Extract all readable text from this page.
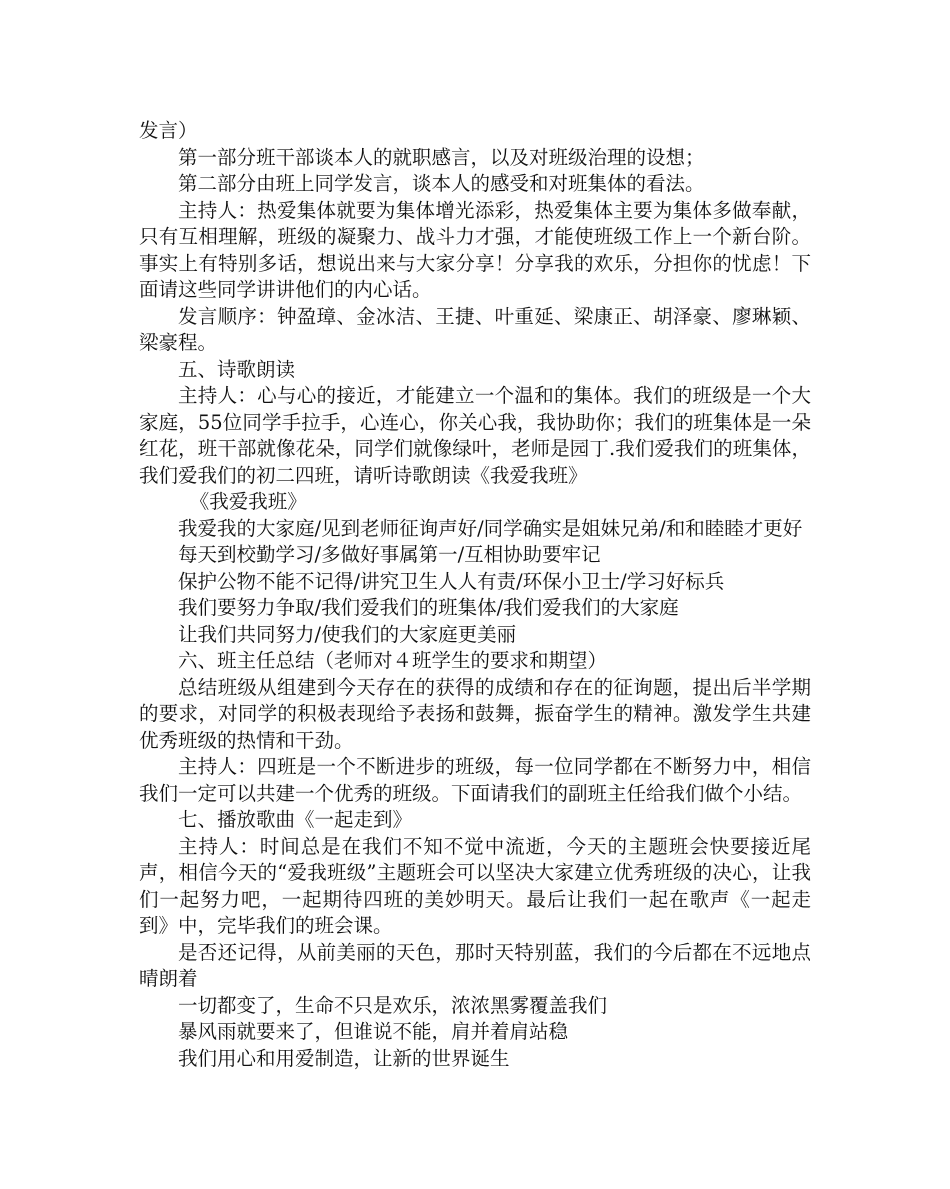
发言）

第一部分班干部谈本人的就职感言，以及对班级治理的设想；

第二部分由班上同学发言，谈本人的感受和对班集体的看法。

主持人：热爱集体就要为集体增光添彩，热爱集体主要为集体多做奉献，只有互相理解，班级的凝聚力、战斗力才强，才能使班级工作上一个新台阶。事实上有特别多话，想说出来与大家分享！分享我的欢乐，分担你的忧虑！下面请这些同学讲讲他们的内心话。

发言顺序：钟盈璋、金冰洁、王捷、叶重延、梁康正、胡泽豪、廖琳颖、梁豪程。

五、诗歌朗读

主持人：心与心的接近，才能建立一个温和的集体。我们的班级是一个大家庭，55位同学手拉手，心连心，你关心我，我协助你；我们的班集体是一朵红花，班干部就像花朵，同学们就像绿叶，老师是园丁.我们爱我们的班集体，我们爱我们的初二四班，请听诗歌朗读《我爱我班》

《我爱我班》

我爱我的大家庭/见到老师征询声好/同学确实是姐妹兄弟/和和睦睦才更好

每天到校勤学习/多做好事属第一/互相协助要牢记

保护公物不能不记得/讲究卫生人人有责/环保小卫士/学习好标兵

我们要努力争取/我们爱我们的班集体/我们爱我们的大家庭

让我们共同努力/使我们的大家庭更美丽

六、班主任总结（老师对４班学生的要求和期望）

总结班级从组建到今天存在的获得的成绩和存在的征询题，提出后半学期的要求，对同学的积极表现给予表扬和鼓舞，振奋学生的精神。激发学生共建优秀班级的热情和干劲。

主持人：四班是一个不断进步的班级，每一位同学都在不断努力中，相信我们一定可以共建一个优秀的班级。下面请我们的副班主任给我们做个小结。

七、播放歌曲《一起走到》

主持人：时间总是在我们不知不觉中流逝，今天的主题班会快要接近尾声，相信今天的“爱我班级”主题班会可以坚决大家建立优秀班级的决心，让我们一起努力吧，一起期待四班的美妙明天。最后让我们一起在歌声《一起走到》中，完毕我们的班会课。

是否还记得，从前美丽的天色，那时天特别蓝，我们的今后都在不远地点晴朗着

一切都变了，生命不只是欢乐，浓浓黑雾覆盖我们

暴风雨就要来了，但谁说不能，肩并着肩站稳

我们用心和用爱制造，让新的世界诞生
